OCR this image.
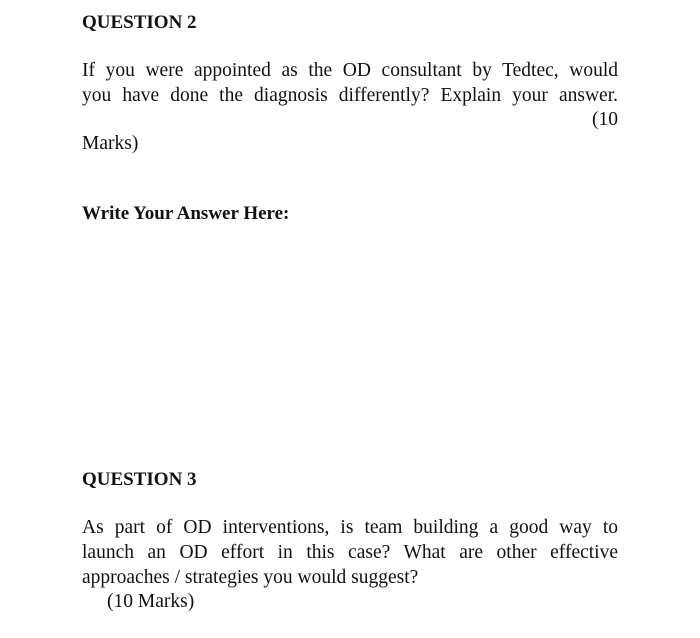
QUESTION 2
If you were appointed as the OD consultant by Tedtec, would
you have done the diagnosis differently? Explain your answer.
(10
Marks)
Write Your Answer Here:
QUESTION 3
As part of OD interventions, is team building a good way to
launch an OD effort in this case? What are other effective
approaches / strategies you would suggest?
(10 Marks)
